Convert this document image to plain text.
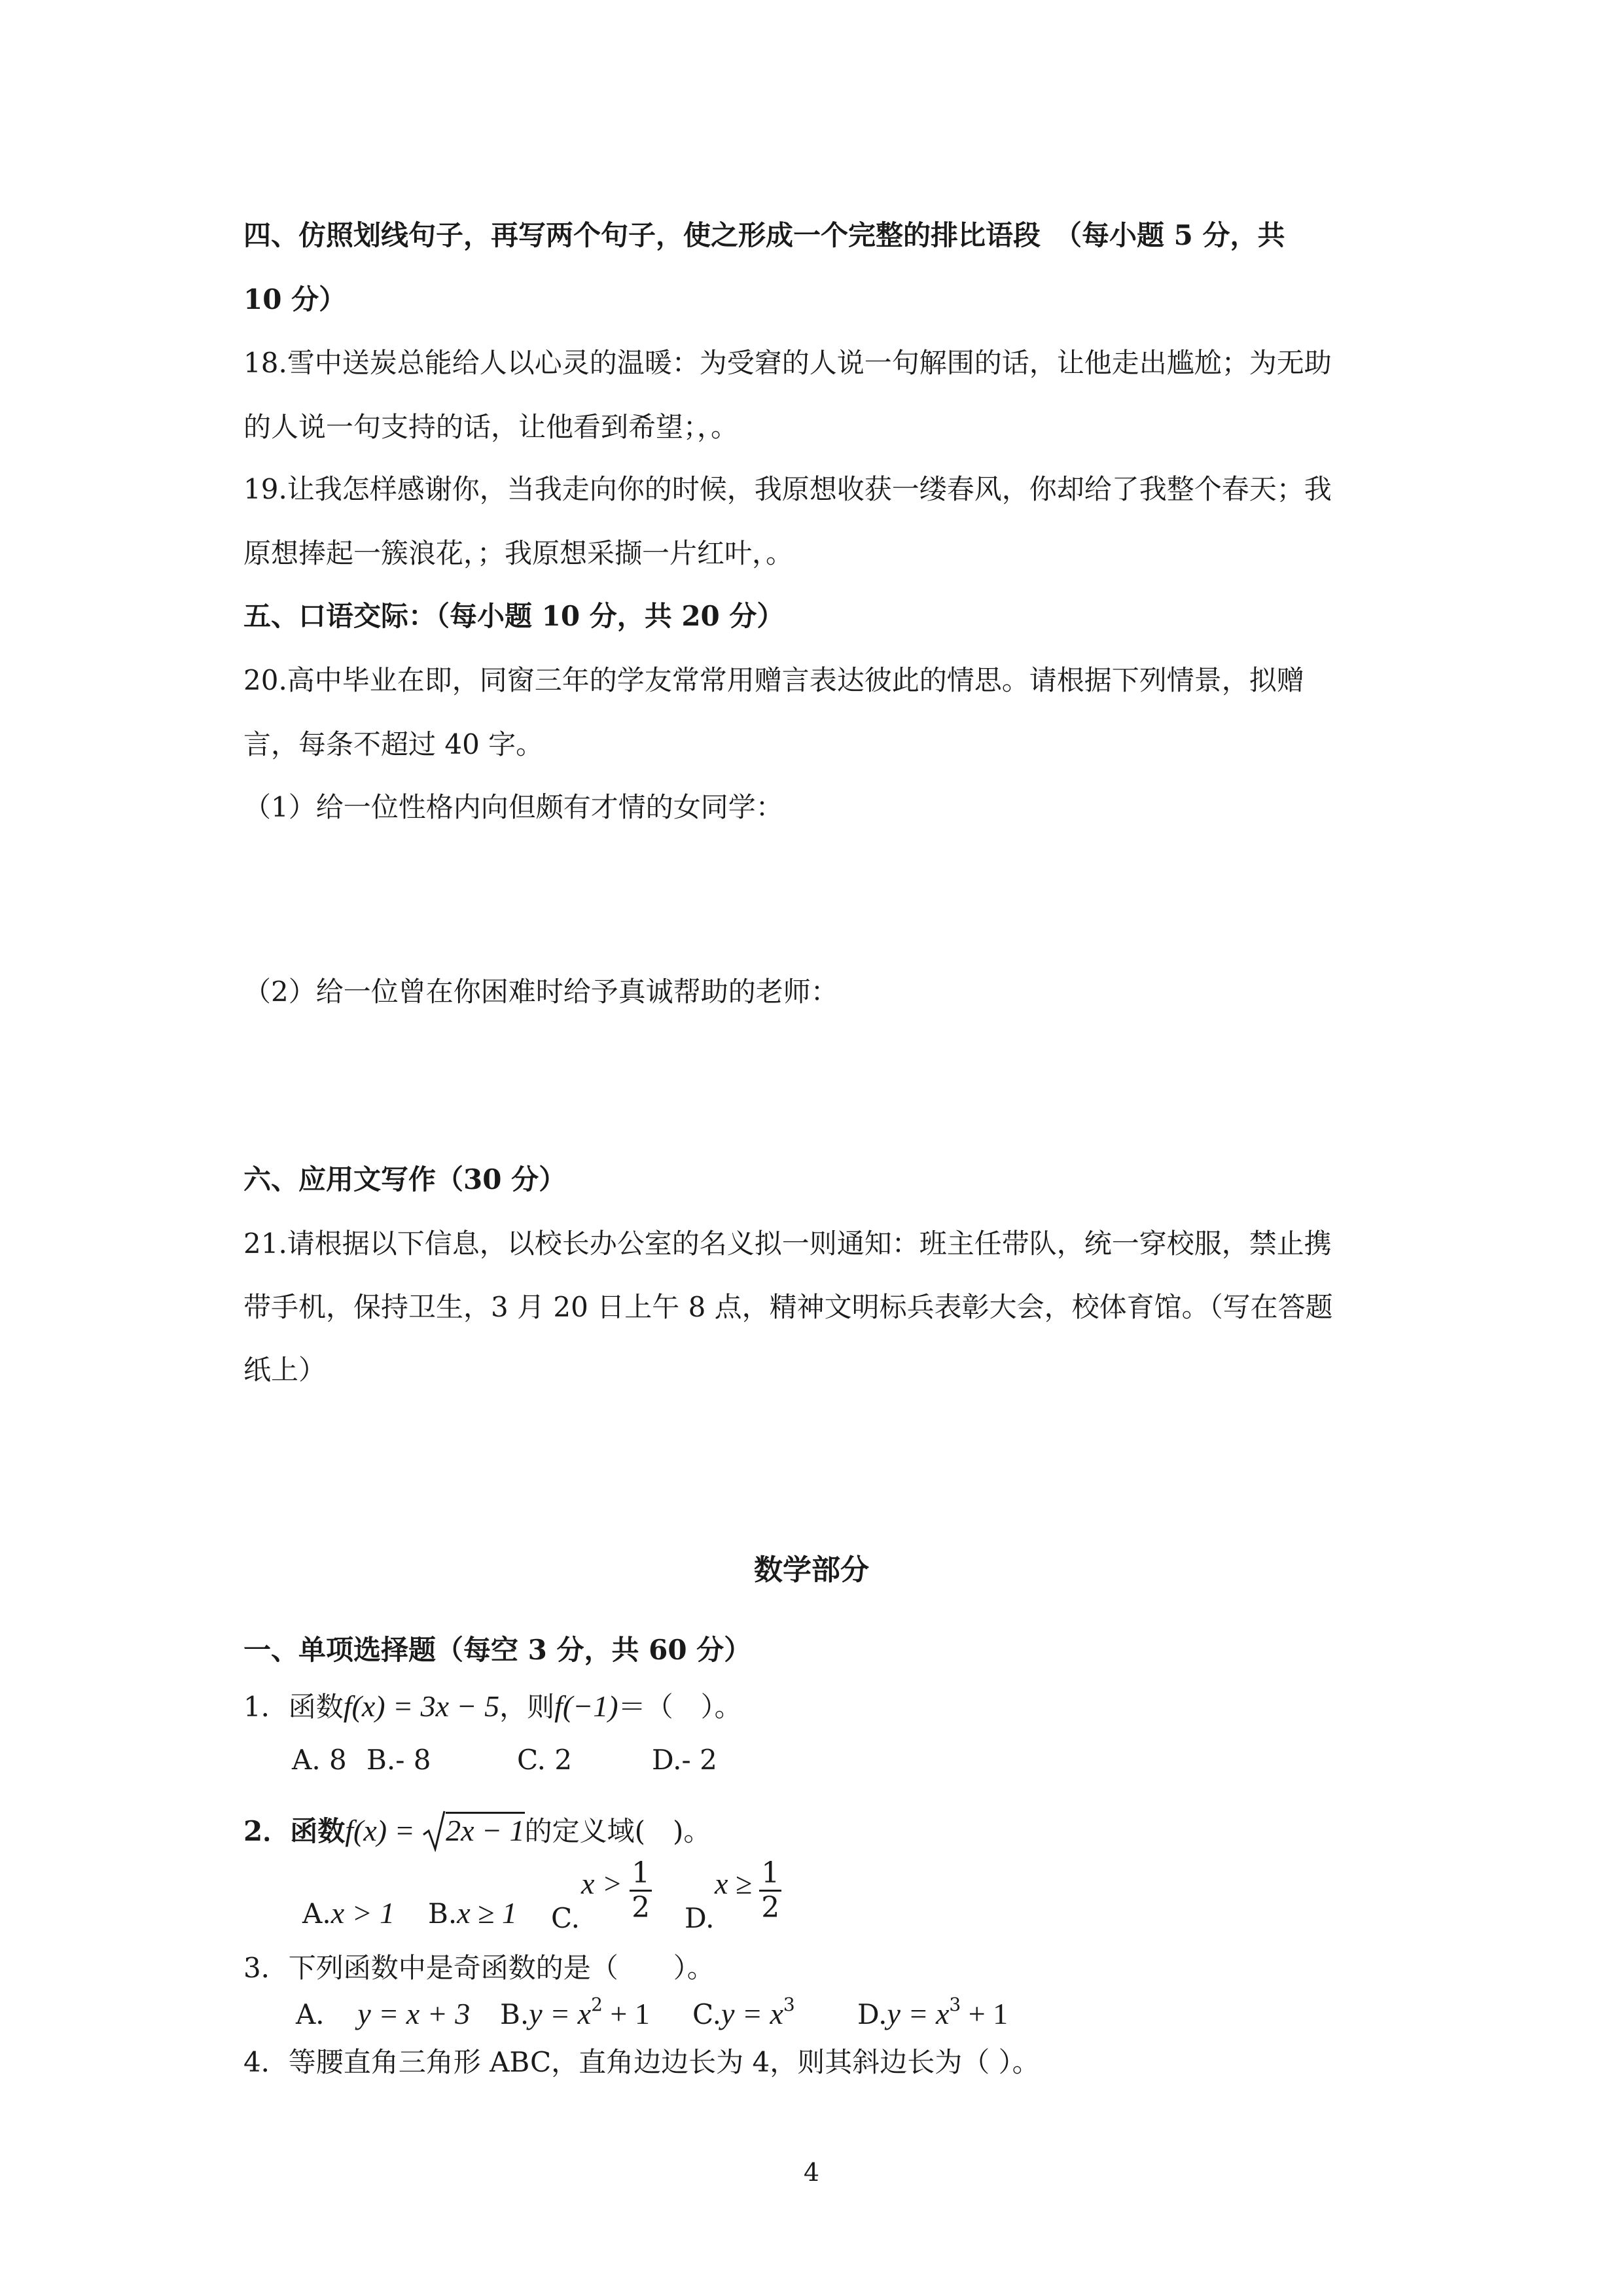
四、仿照划线句子，再写两个句子，使之形成一个完整的排比语段　（每小题 5 分，共
10 分）
18.雪中送炭总能给人以心灵的温暖：为受窘的人说一句解围的话，让他走出尴尬；为无助
的人说一句支持的话，让他看到希望；，。
19.让我怎样感谢你，当我走向你的时候，我原想收获一缕春风，你却给了我整个春天；我
原想捧起一簇浪花，；我原想采撷一片红叶，。
五、口语交际：（每小题 10 分，共 20 分）
20.高中毕业在即，同窗三年的学友常常用赠言表达彼此的情思。请根据下列情景，拟赠
言，每条不超过 40 字。
（1）给一位性格内向但颇有才情的女同学：
（2）给一位曾在你困难时给予真诚帮助的老师：
六、应用文写作（30 分）
21.请根据以下信息，以校长办公室的名义拟一则通知：班主任带队，统一穿校服，禁止携
带手机，保持卫生，3 月 20 日上午 8 点，精神文明标兵表彰大会，校体育馆。（写在答题
纸上）
数学部分
一、单项选择题（每空 3 分，共 60 分）
1．函数f(x) = 3x − 5，则f(−1)＝（　）。
A. 8 B.- 8	C. 2	D.- 2
2．函数f(x) =
2x − 1的定义域(　)。
A.x > 1 B.x ≥ 1 C.
$x > \frac{1}{2} D$.
$x \ge \frac{1}{2}$
3．下列函数中是奇函数的是（　　）。
A． y = x + 3 $B.y = x^2 + 1$ $C.y = x^3$ $D.y = x^3 + 1$
4．等腰直角三角形 ABC，直角边边长为 4，则其斜边长为（ ）。
4
